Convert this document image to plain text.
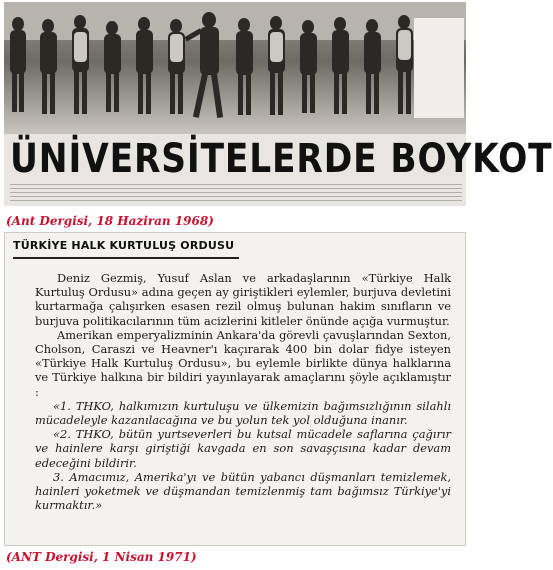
ÜNİVERSİTELERDE BOYKOT
(Ant Dergisi, 18 Haziran 1968)
TÜRKİYE HALK KURTULUŞ ORDUSU

Deniz Gezmiş, Yusuf Aslan ve arkadaşlarının «Türkiye Halk Kurtuluş Ordusu» adına geçen ay giriştikleri eylemler, burjuva devletini kurtarmağa çalışırken esasen rezil olmuş bulunan hakim sınıfların ve burjuva politikacılarının tüm acizlerini kitleler önünde açığa vurmuştur.

Amerikan emperyalizminin Ankara'da görevli çavuşlarından Sexton, Cholson, Caraszi ve Heavner'ı kaçırarak 400 bin dolar fidye isteyen «Türkiye Halk Kurtuluş Ordusu», bu eylemle birlikte dünya halklarına ve Türkiye halkına bir bildiri yayınlayarak amaçlarını şöyle açıklamıştır :

«1. THKO, halkımızın kurtuluşu ve ülkemizin bağımsızlığının silahlı mücadeleyle kazanılacağına ve bu yolun tek yol olduğuna inanır.

«2. THKO, bütün yurtseverleri bu kutsal mücadele saflarına çağırır ve hainlere karşı giriştiği kavgada en son savaşçısına kadar devam edeceğini bildirir.

3. Amacımız, Amerika'yı ve bütün yabancı düşmanları temizlemek, hainleri yoketmek ve düşmandan temizlenmiş tam bağımsız Türkiye'yi kurmaktır.»

(ANT Dergisi, 1 Nisan 1971)
